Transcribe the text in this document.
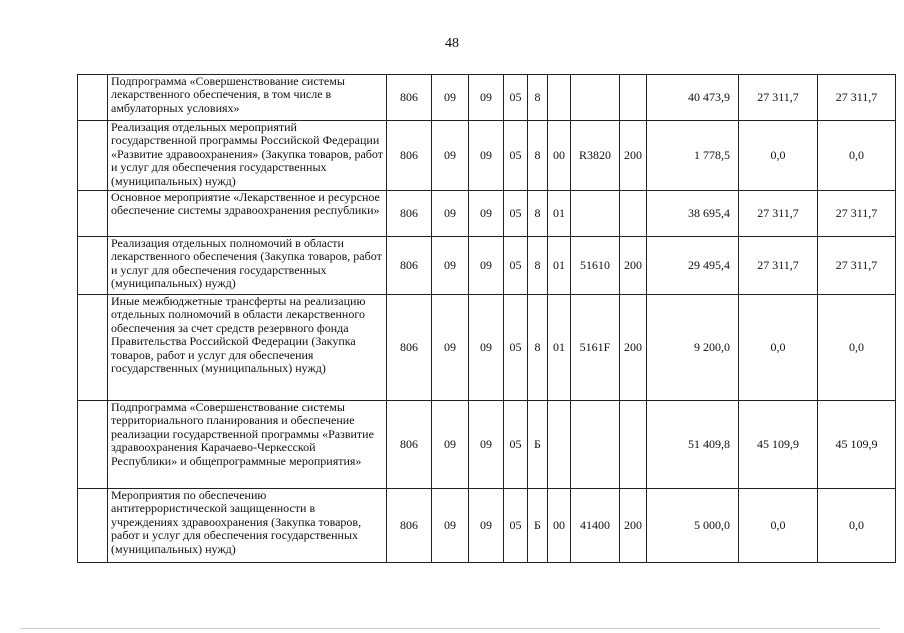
48
	Подпрограмма «Совершенствование системы лекарственного обеспечения, в том числе в амбулаторных условиях»	806	09	09	05	8				40 473,9	27 311,7	27 311,7
	Реализация отдельных мероприятий государственной программы Российской Федерации «Развитие здравоохранения» (Закупка товаров, работ и услуг для обеспечения государственных (муниципальных) нужд)	806	09	09	05	8	00	R3820	200	1 778,5	0,0	0,0
	Основное мероприятие «Лекарственное и ресурсное обеспечение системы здравоохранения республики»	806	09	09	05	8	01			38 695,4	27 311,7	27 311,7
	Реализация отдельных полномочий в области лекарственного обеспечения (Закупка товаров, работ и услуг для обеспечения государственных (муниципальных) нужд)	806	09	09	05	8	01	51610	200	29 495,4	27 311,7	27 311,7
	Иные межбюджетные трансферты на реализацию отдельных полномочий в области лекарственного обеспечения за счет средств резервного фонда Правительства Российской Федерации (Закупка товаров, работ и услуг для обеспечения государственных (муниципальных) нужд)	806	09	09	05	8	01	5161F	200	9 200,0	0,0	0,0
	Подпрограмма «Совершенствование системы территориального планирования и обеспечение реализации государственной программы «Развитие здравоохранения Карачаево-Черкесской Республики» и общепрограммные мероприятия»	806	09	09	05	Б				51 409,8	45 109,9	45 109,9
	Мероприятия по обеспечению антитеррористической защищенности в учреждениях здравоохранения (Закупка товаров, работ и услуг для обеспечения государственных (муниципальных) нужд)	806	09	09	05	Б	00	41400	200	5 000,0	0,0	0,0
